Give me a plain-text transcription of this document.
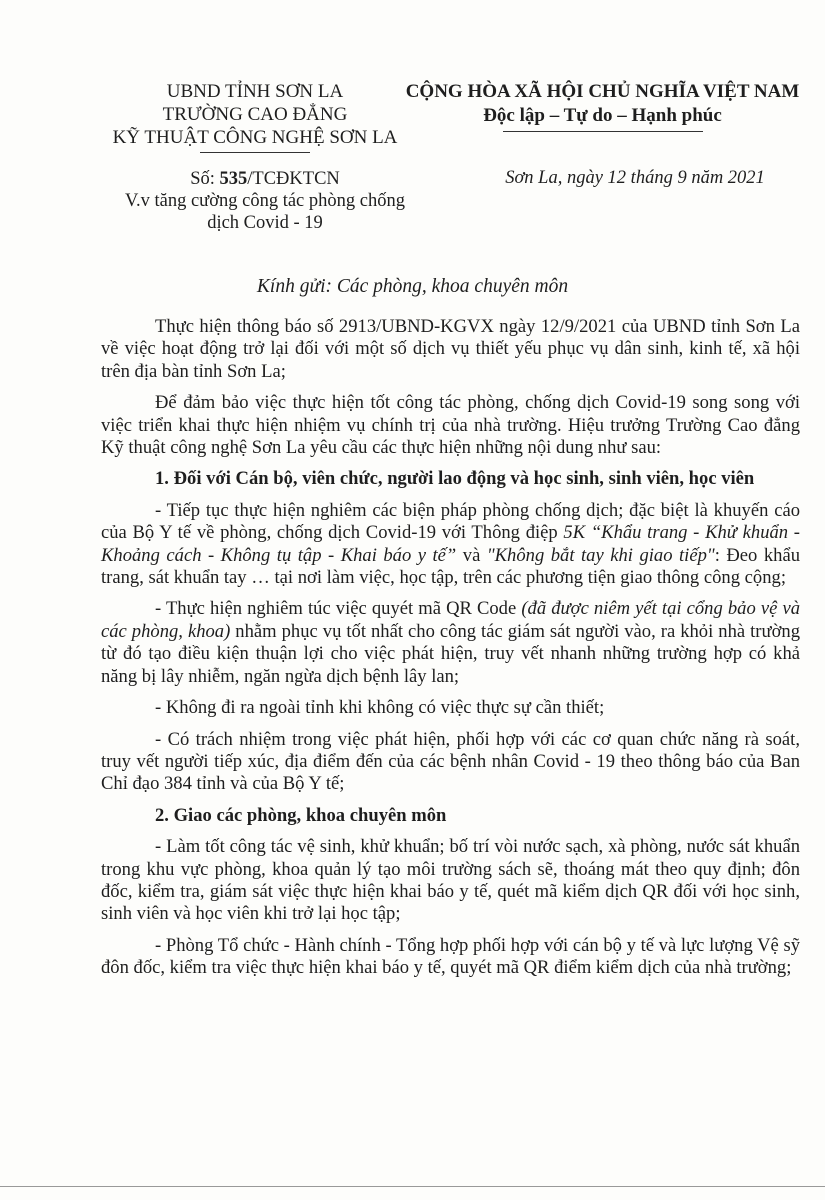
UBND TỈNH SƠN LA
TRƯỜNG CAO ĐẲNG
KỸ THUẬT CÔNG NGHỆ SƠN LA
CỘNG HÒA XÃ HỘI CHỦ NGHĨA VIỆT NAM
Độc lập – Tự do – Hạnh phúc
Số: 535/TCĐKTCN
V.v tăng cường công tác phòng chống
dịch Covid - 19
Sơn La, ngày 12 tháng 9 năm 2021
Kính gửi: Các phòng, khoa chuyên môn

Thực hiện thông báo số 2913/UBND-KGVX ngày 12/9/2021 của UBND tỉnh Sơn La về việc hoạt động trở lại đối với một số dịch vụ thiết yếu phục vụ dân sinh, kinh tế, xã hội trên địa bàn tỉnh Sơn La;

Để đảm bảo việc thực hiện tốt công tác phòng, chống dịch Covid-19 song song với việc triển khai thực hiện nhiệm vụ chính trị của nhà trường. Hiệu trưởng Trường Cao đẳng Kỹ thuật công nghệ Sơn La yêu cầu các thực hiện những nội dung như sau:

1. Đối với Cán bộ, viên chức, người lao động và học sinh, sinh viên, học viên

- Tiếp tục thực hiện nghiêm các biện pháp phòng chống dịch; đặc biệt là khuyến cáo của Bộ Y tế về phòng, chống dịch Covid-19 với Thông điệp 5K “Khẩu trang - Khử khuẩn - Khoảng cách - Không tụ tập - Khai báo y tế” và "Không bắt tay khi giao tiếp": Đeo khẩu trang, sát khuẩn tay … tại nơi làm việc, học tập, trên các phương tiện giao thông công cộng;

- Thực hiện nghiêm túc việc quyét mã QR Code (đã được niêm yết tại cổng bảo vệ và các phòng, khoa) nhằm phục vụ tốt nhất cho công tác giám sát người vào, ra khỏi nhà trường từ đó tạo điều kiện thuận lợi cho việc phát hiện, truy vết nhanh những trường hợp có khả năng bị lây nhiễm, ngăn ngừa dịch bệnh lây lan;

- Không đi ra ngoài tỉnh khi không có việc thực sự cần thiết;

- Có trách nhiệm trong việc phát hiện, phối hợp với các cơ quan chức năng rà soát, truy vết người tiếp xúc, địa điểm đến của các bệnh nhân Covid - 19 theo thông báo của Ban Chỉ đạo 384 tỉnh và của Bộ Y tế;

2. Giao các phòng, khoa chuyên môn

- Làm tốt công tác vệ sinh, khử khuẩn; bố trí vòi nước sạch, xà phòng, nước sát khuẩn trong khu vực phòng, khoa quản lý tạo môi trường sách sẽ, thoáng mát theo quy định; đôn đốc, kiểm tra, giám sát việc thực hiện khai báo y tế, quét mã kiểm dịch QR đối với học sinh, sinh viên và học viên khi trở lại học tập;

- Phòng Tổ chức - Hành chính - Tổng hợp phối hợp với cán bộ y tế và lực lượng Vệ sỹ đôn đốc, kiểm tra việc thực hiện khai báo y tế, quyét mã QR điểm kiểm dịch của nhà trường;
